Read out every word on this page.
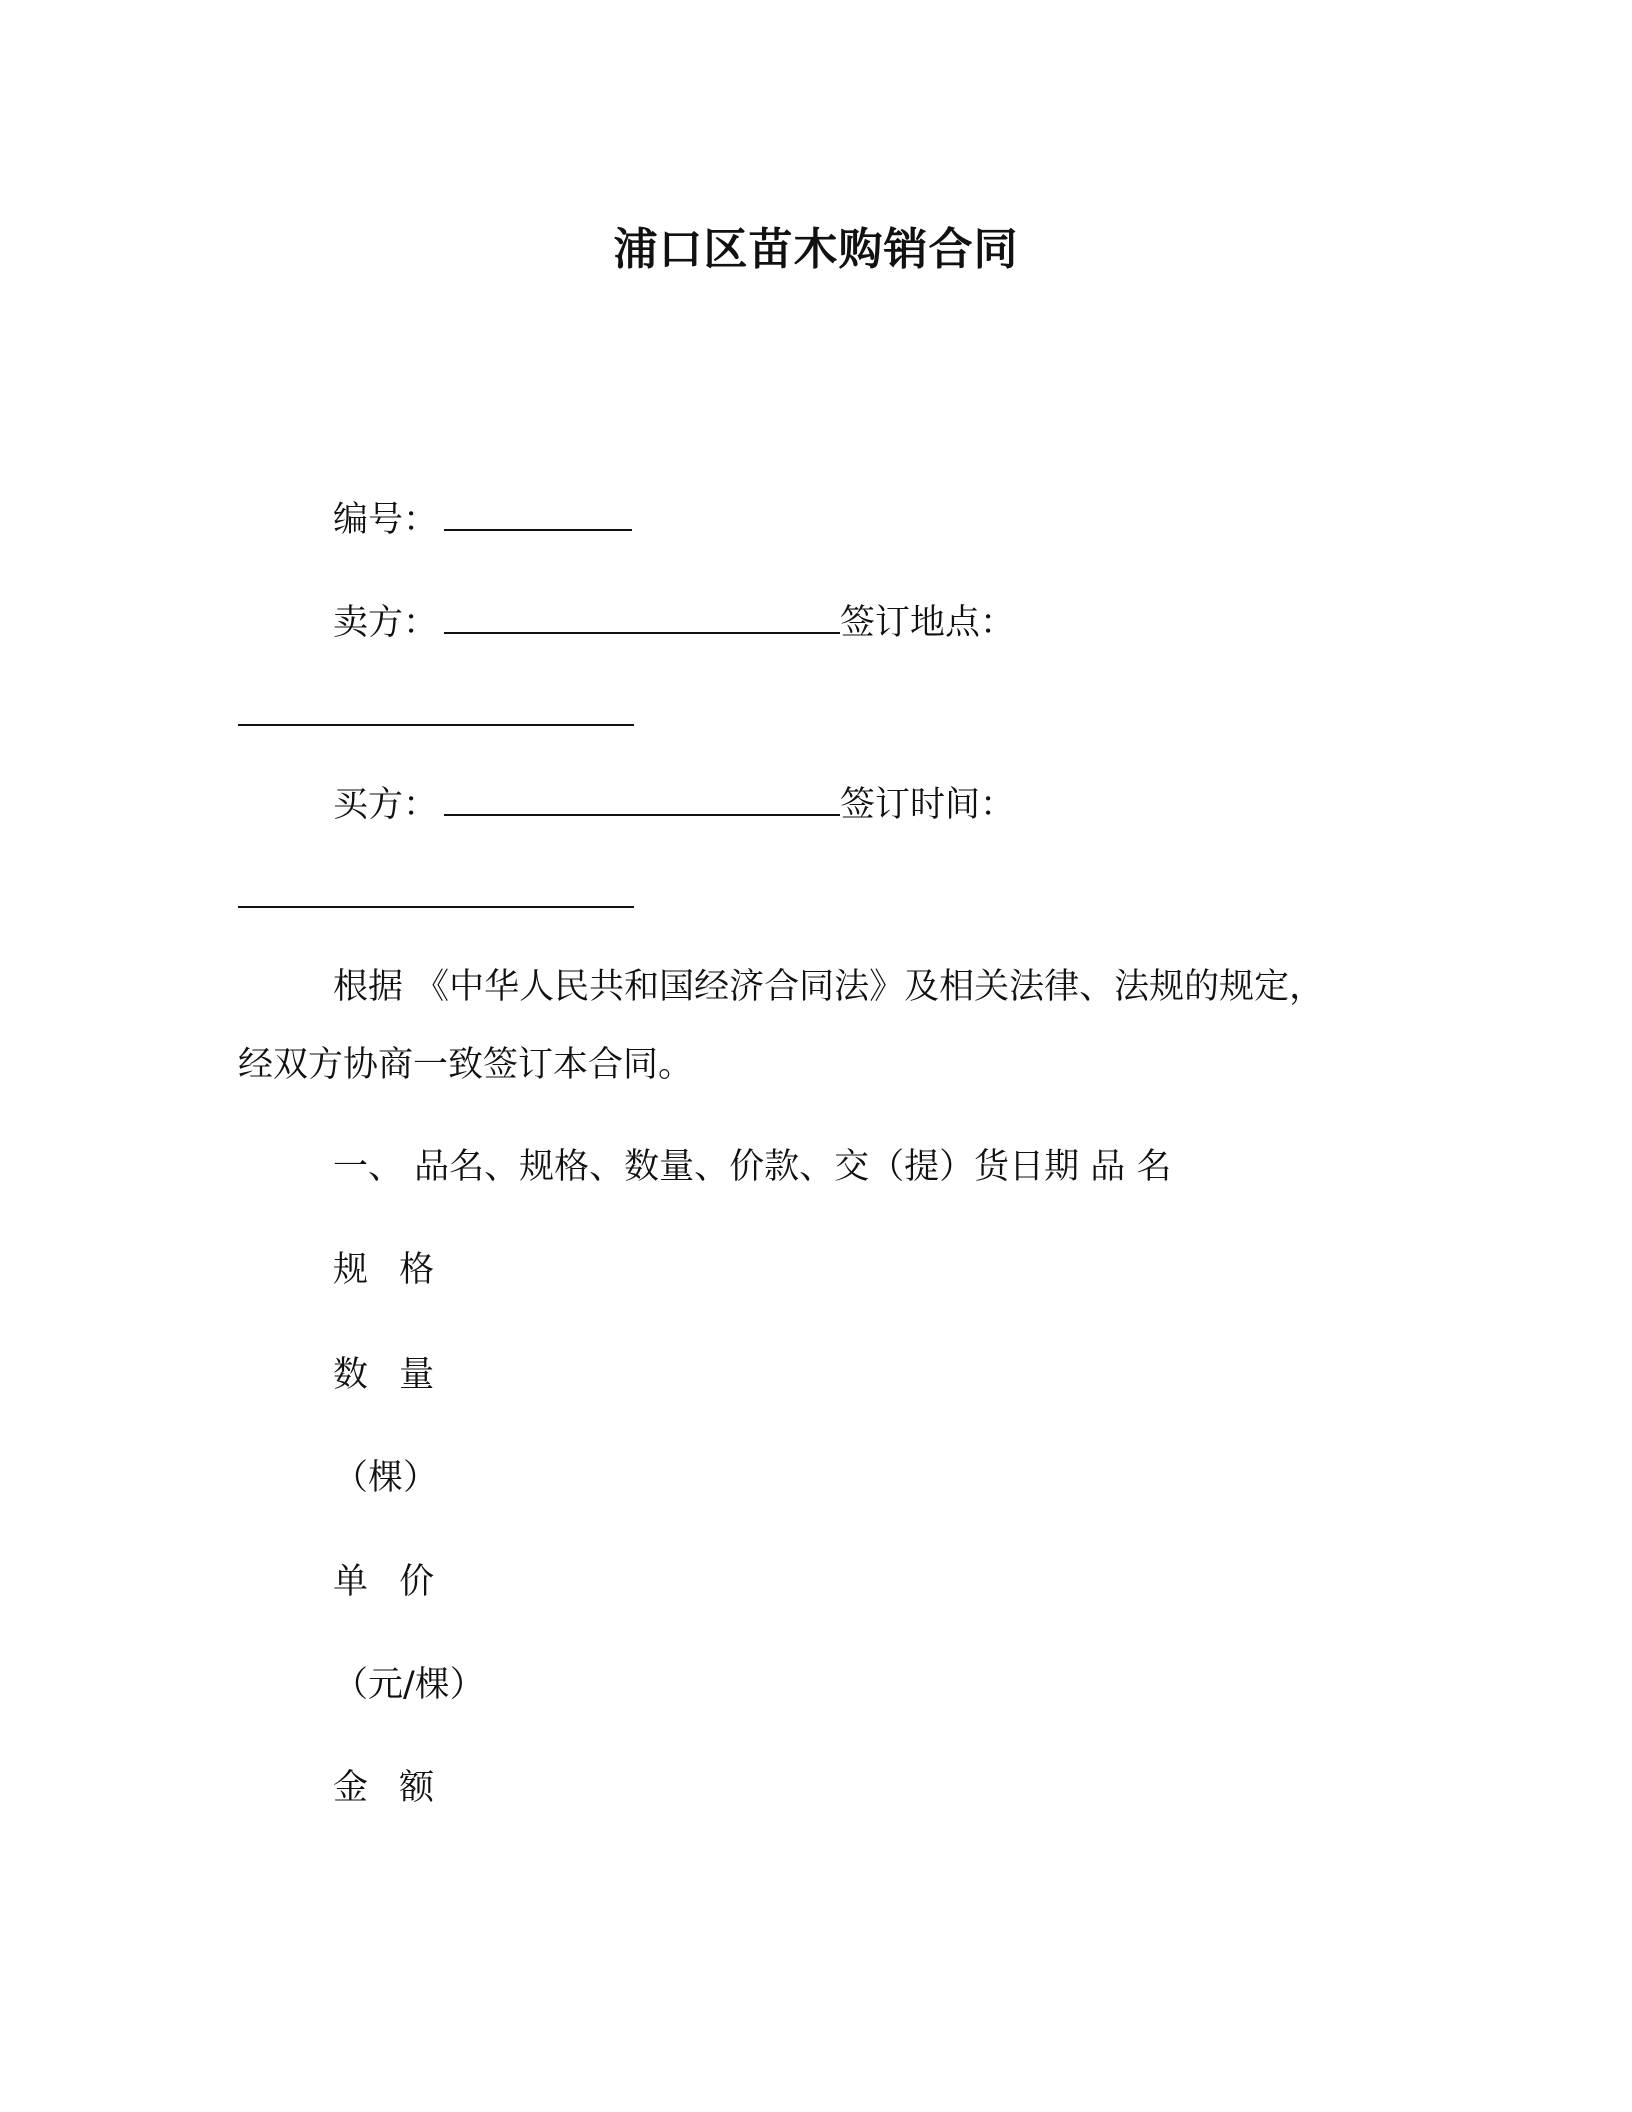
浦口区苗木购销合同
编号：
卖方：	签订地点：
买方：	签订时间：
根据 《中华人民共和国经济合同法》及相关法律、法规的规定，
经双方协商一致签订本合同。
一、 品名、规格、数量、价款、交（提）货日期 品 名
规 格
数 量
（棵）
单 价
（元/棵）
金 额
